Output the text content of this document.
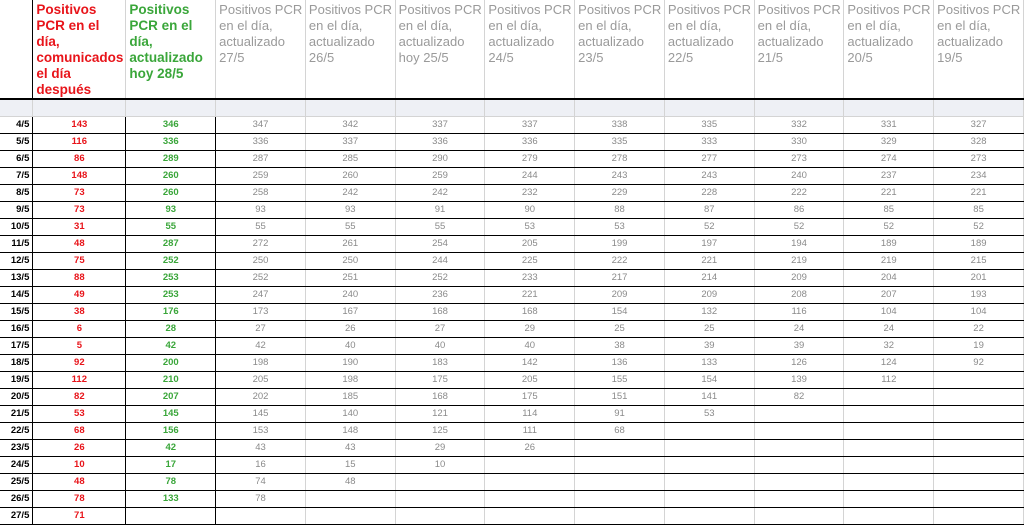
	Positivos PCR en el día, comunicados el día después	Positivos PCR en el día, actualizado hoy 28/5	Positivos PCR en el día, actualizado 27/5	Positivos PCR en el día, actualizado 26/5	Positivos PCR en el día, actualizado hoy 25/5	Positivos PCR en el día, actualizado 24/5	Positivos PCR en el día, actualizado 23/5	Positivos PCR en el día, actualizado 22/5	Positivos PCR en el día, actualizado 21/5	Positivos PCR en el día, actualizado 20/5	Positivos PCR en el día, actualizado 19/5

4/5	143	346	347	342	337	337	338	335	332	331	327
5/5	116	336	336	337	336	336	335	333	330	329	328
6/5	86	289	287	285	290	279	278	277	273	274	273
7/5	148	260	259	260	259	244	243	243	240	237	234
8/5	73	260	258	242	242	232	229	228	222	221	221
9/5	73	93	93	93	91	90	88	87	86	85	85
10/5	31	55	55	55	55	53	53	52	52	52	52
11/5	48	287	272	261	254	205	199	197	194	189	189
12/5	75	252	250	250	244	225	222	221	219	219	215
13/5	88	253	252	251	252	233	217	214	209	204	201
14/5	49	253	247	240	236	221	209	209	208	207	193
15/5	38	176	173	167	168	168	154	132	116	104	104
16/5	6	28	27	26	27	29	25	25	24	24	22
17/5	5	42	42	40	40	40	38	39	39	32	19
18/5	92	200	198	190	183	142	136	133	126	124	92
19/5	112	210	205	198	175	205	155	154	139	112	
20/5	82	207	202	185	168	175	151	141	82		
21/5	53	145	145	140	121	114	91	53			
22/5	68	156	153	148	125	111	68				
23/5	26	42	43	43	29	26					
24/5	10	17	16	15	10						
25/5	48	78	74	48							
26/5	78	133	78								
27/5	71										
